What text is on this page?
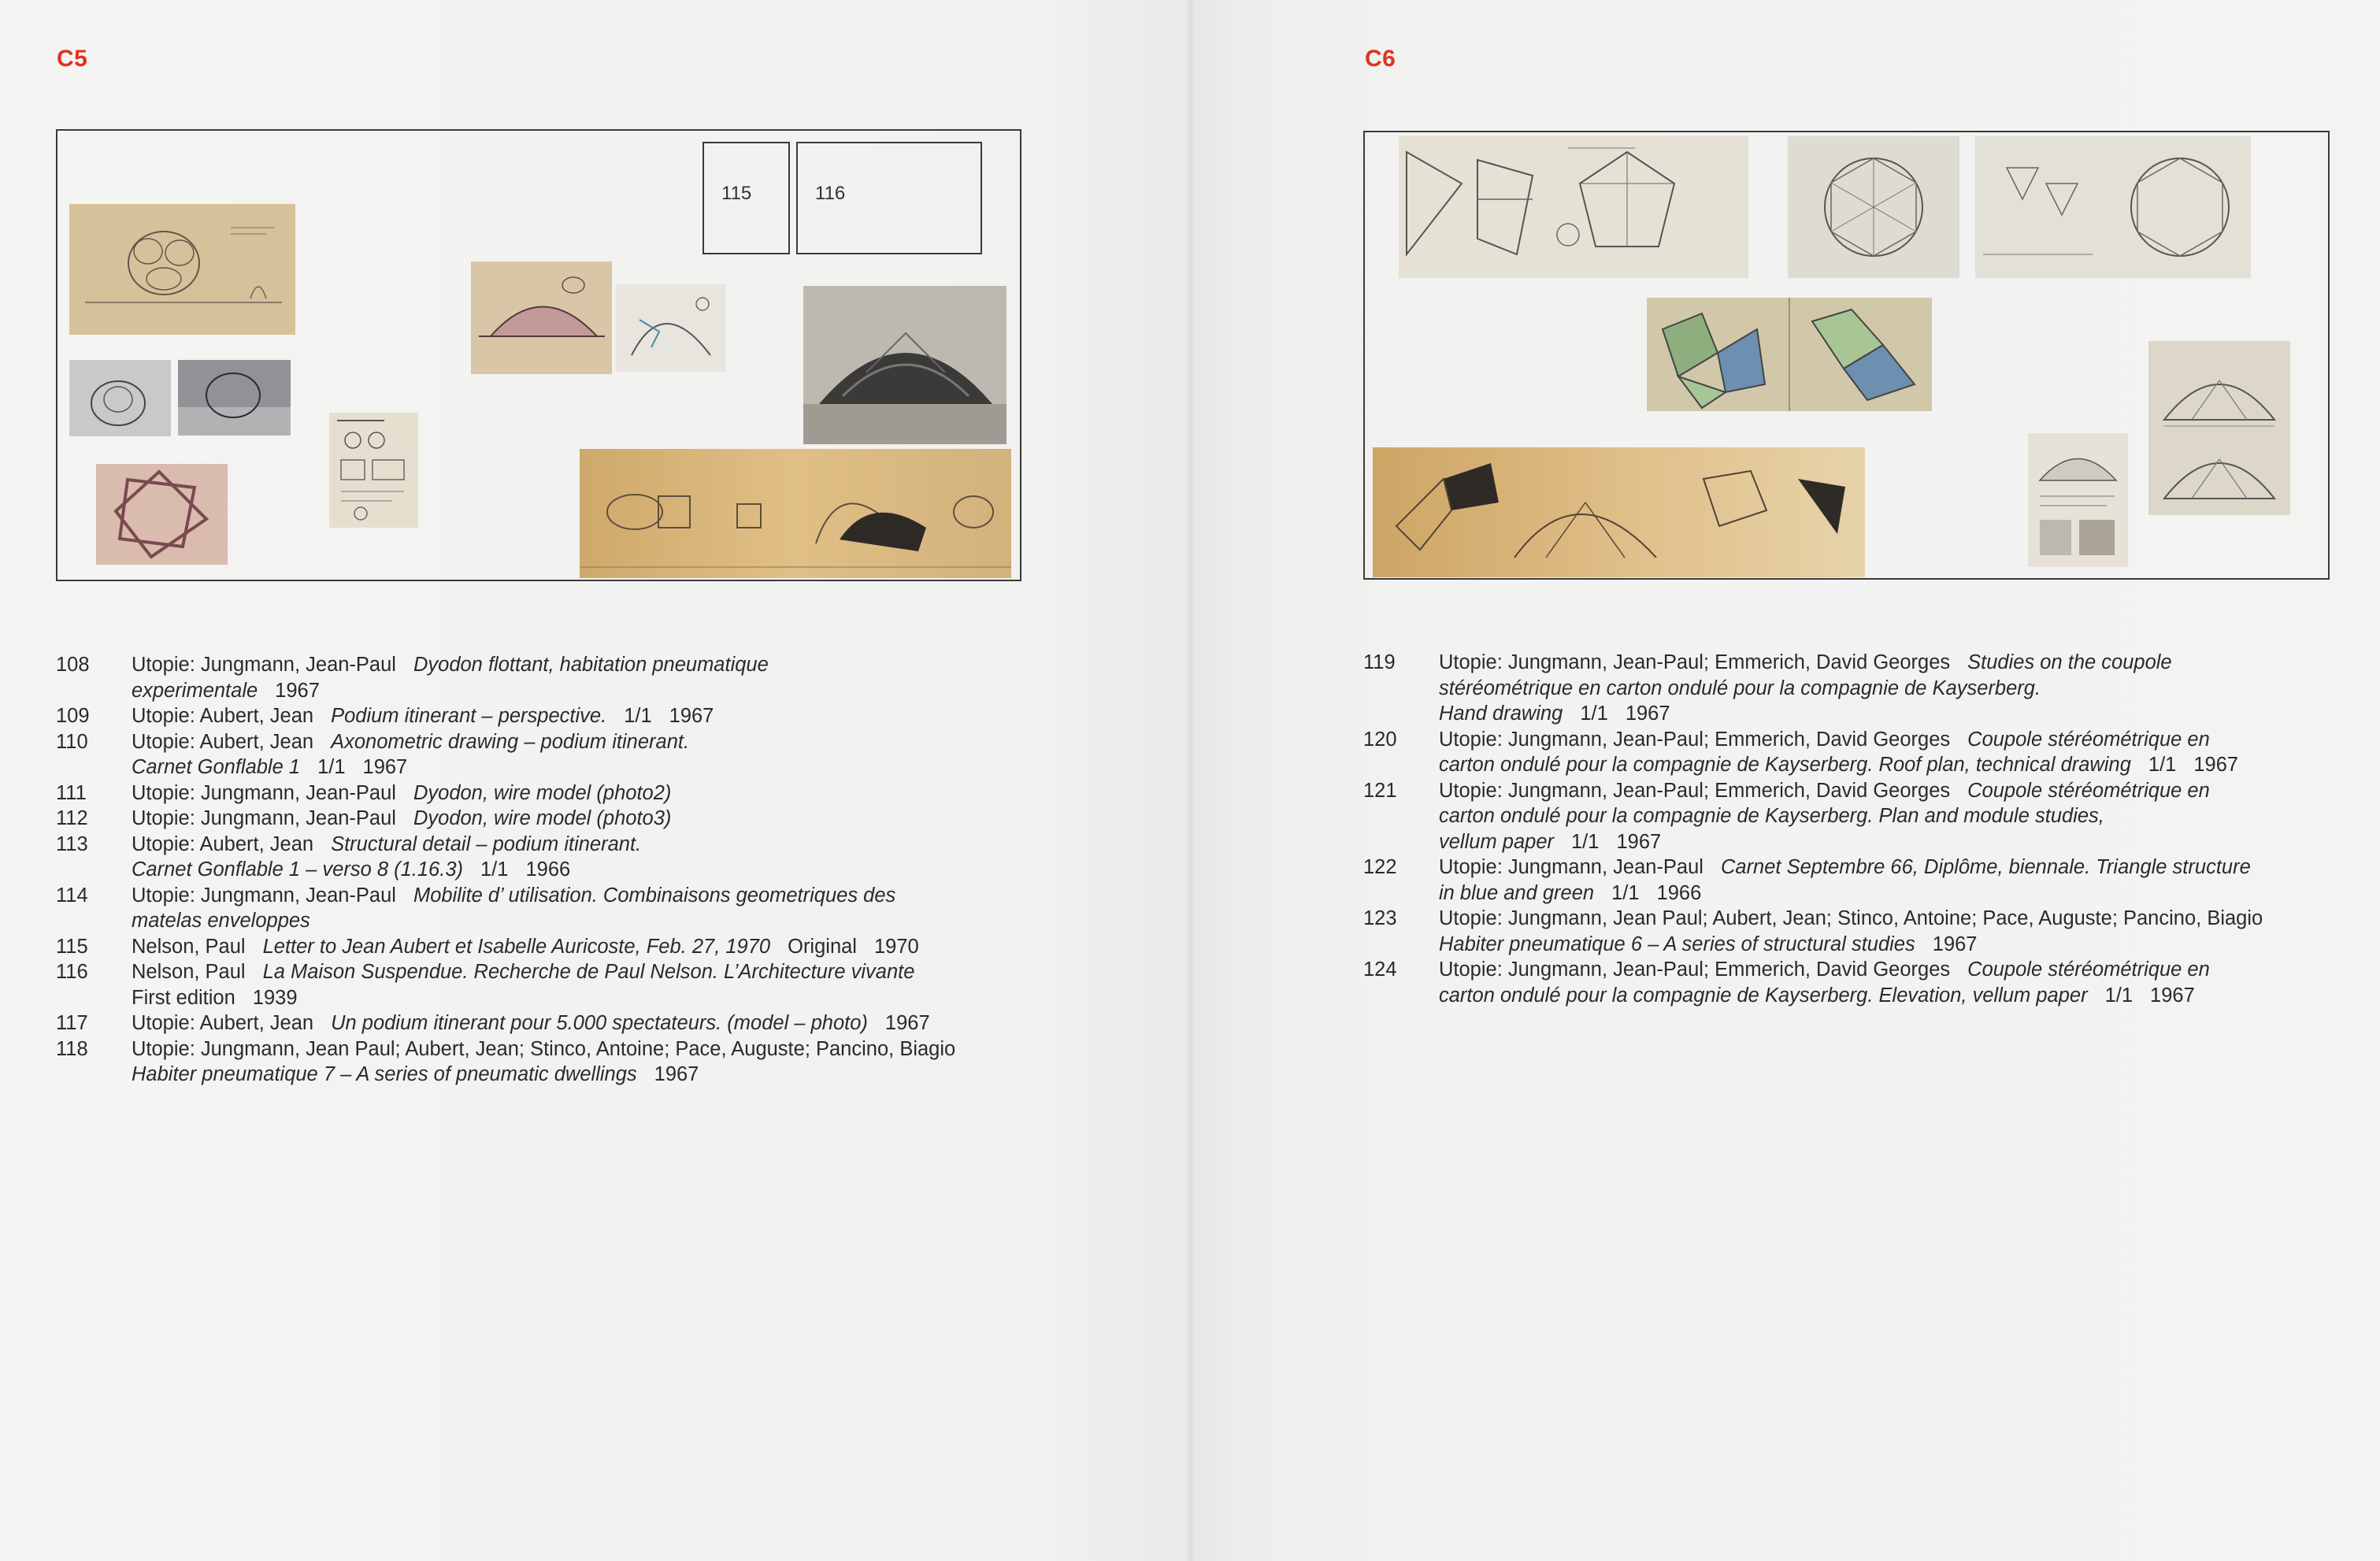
C5
115	116
108	Utopie: Jungmann, Jean-Paul Dyodon flottant, habitation pneumatique
experimentale 1967
109	Utopie: Aubert, Jean Podium itinerant – perspective. 1/1 1967
110	Utopie: Aubert, Jean Axonometric drawing – podium itinerant.
Carnet Gonflable 1 1/1 1967
111	Utopie: Jungmann, Jean-Paul Dyodon, wire model (photo2)
112	Utopie: Jungmann, Jean-Paul Dyodon, wire model (photo3)
113	Utopie: Aubert, Jean Structural detail – podium itinerant.
Carnet Gonflable 1 – verso 8 (1.16.3) 1/1 1966
114	Utopie: Jungmann, Jean-Paul Mobilite d’ utilisation. Combinaisons geometriques des
matelas enveloppes
115	Nelson, Paul Letter to Jean Aubert et Isabelle Auricoste, Feb. 27, 1970 Original 1970
116	Nelson, Paul La Maison Suspendue. Recherche de Paul Nelson. L’Architecture vivante
First edition 1939
117	Utopie: Aubert, Jean Un podium itinerant pour 5.000 spectateurs. (model – photo) 1967
118	Utopie: Jungmann, Jean Paul; Aubert, Jean; Stinco, Antoine; Pace, Auguste; Pancino, Biagio
Habiter pneumatique 7 – A series of pneumatic dwellings 1967
C6
119	Utopie: Jungmann, Jean-Paul; Emmerich, David Georges Studies on the coupole
stéréométrique en carton ondulé pour la compagnie de Kayserberg.
Hand drawing 1/1 1967
120	Utopie: Jungmann, Jean-Paul; Emmerich, David Georges Coupole stéréométrique en
carton ondulé pour la compagnie de Kayserberg. Roof plan, technical drawing 1/1 1967
121	Utopie: Jungmann, Jean-Paul; Emmerich, David Georges Coupole stéréométrique en
carton ondulé pour la compagnie de Kayserberg. Plan and module studies,
vellum paper 1/1 1967
122	Utopie: Jungmann, Jean-Paul Carnet Septembre 66, Diplôme, biennale. Triangle structure
in blue and green 1/1 1966
123	Utopie: Jungmann, Jean Paul; Aubert, Jean; Stinco, Antoine; Pace, Auguste; Pancino, Biagio
Habiter pneumatique 6 – A series of structural studies 1967
124	Utopie: Jungmann, Jean-Paul; Emmerich, David Georges Coupole stéréométrique en
carton ondulé pour la compagnie de Kayserberg. Elevation, vellum paper 1/1 1967
